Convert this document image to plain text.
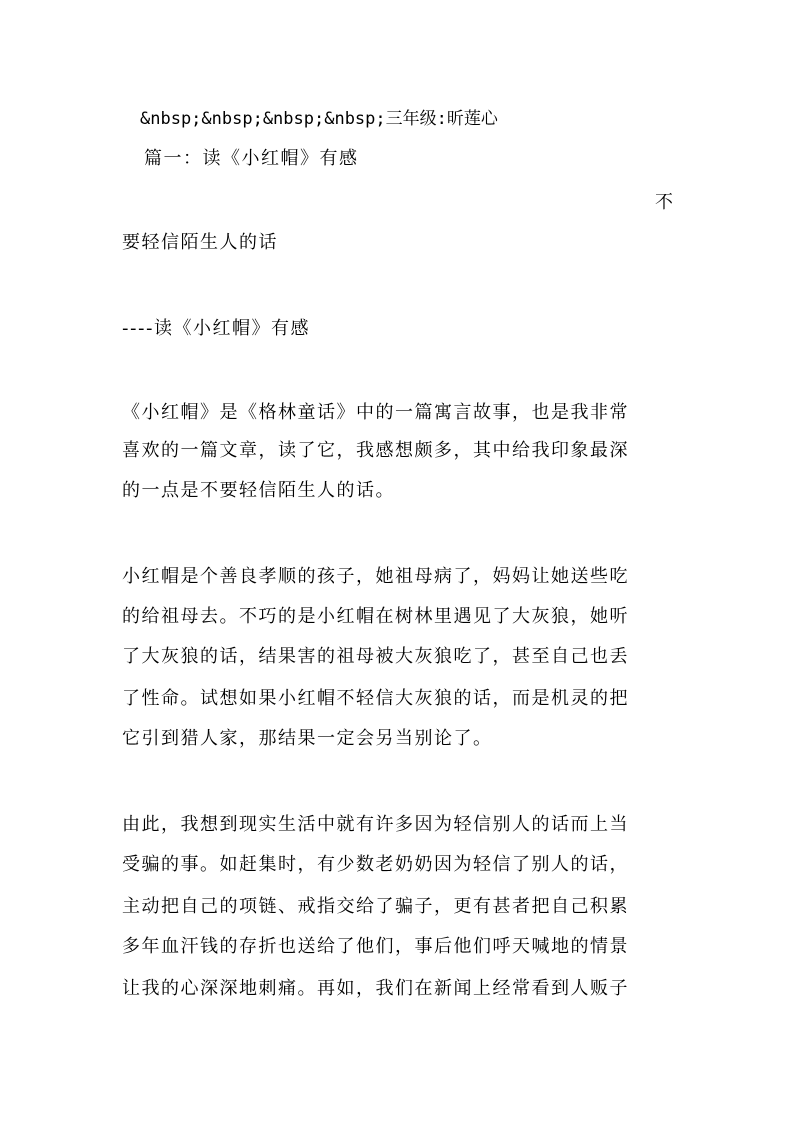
&nbsp;&nbsp;&nbsp;&nbsp;三年级:昕莲心
篇一：读《小红帽》有感
不
要轻信陌生人的话
----读《小红帽》有感
《小红帽》是《格林童话》中的一篇寓言故事，也是我非常
喜欢的一篇文章，读了它，我感想颇多，其中给我印象最深
的一点是不要轻信陌生人的话。
小红帽是个善良孝顺的孩子，她祖母病了，妈妈让她送些吃
的给祖母去。不巧的是小红帽在树林里遇见了大灰狼，她听
了大灰狼的话，结果害的祖母被大灰狼吃了，甚至自己也丢
了性命。试想如果小红帽不轻信大灰狼的话，而是机灵的把
它引到猎人家，那结果一定会另当别论了。
由此，我想到现实生活中就有许多因为轻信别人的话而上当
受骗的事。如赶集时，有少数老奶奶因为轻信了别人的话，
主动把自己的项链、戒指交给了骗子，更有甚者把自己积累
多年血汗钱的存折也送给了他们，事后他们呼天喊地的情景
让我的心深深地刺痛。再如，我们在新闻上经常看到人贩子
